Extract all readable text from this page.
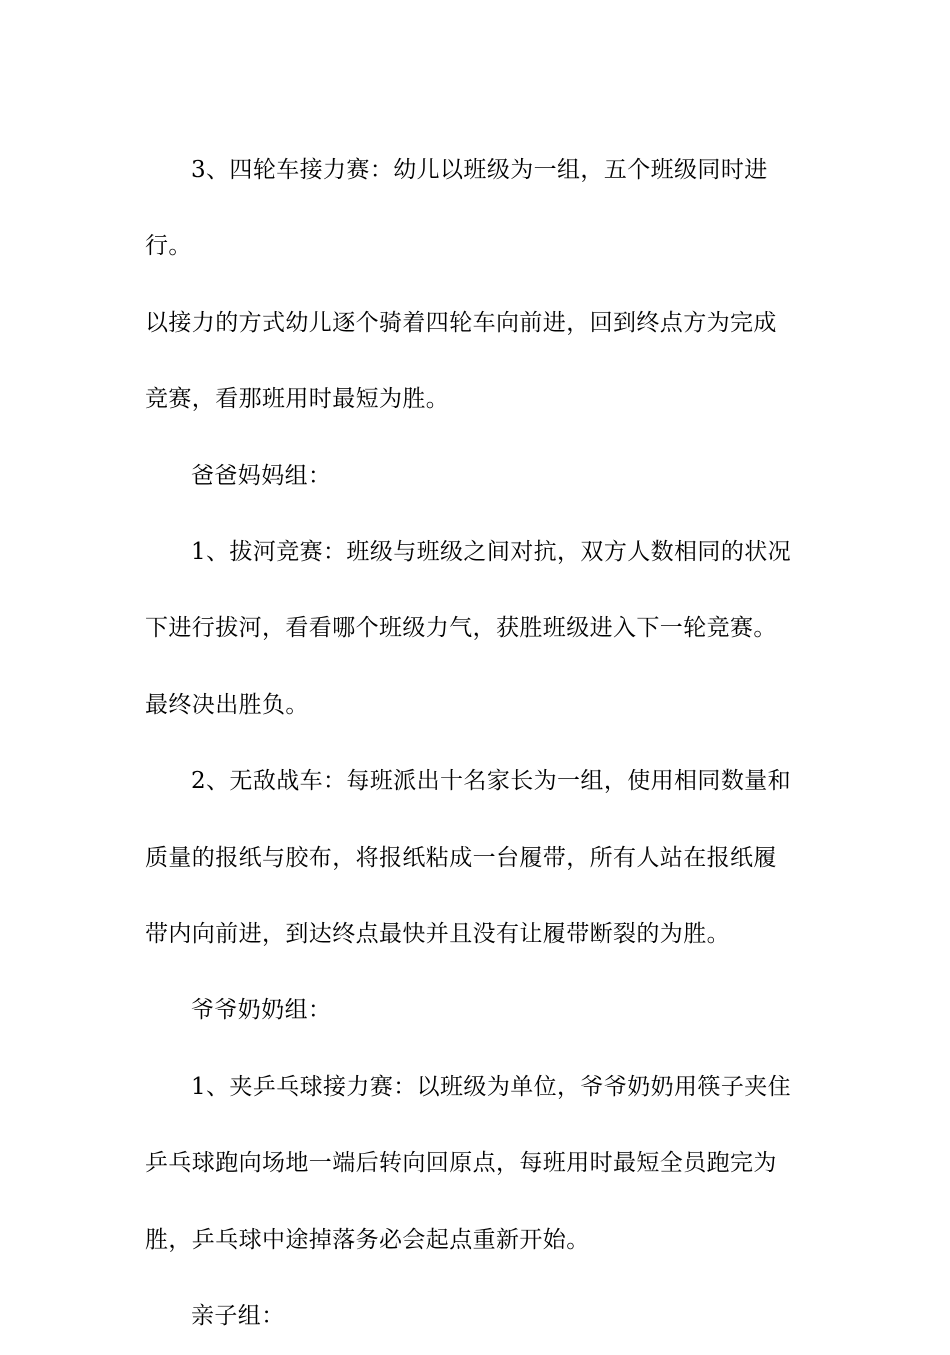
3、四轮车接力赛：幼儿以班级为一组，五个班级同时进行。
以接力的方式幼儿逐个骑着四轮车向前进，回到终点方为完成
竞赛，看那班用时最短为胜。

爸爸妈妈组：

1、拔河竞赛：班级与班级之间对抗，双方人数相同的状况
下进行拔河，看看哪个班级力气，获胜班级进入下一轮竞赛。
最终决出胜负。

2、无敌战车：每班派出十名家长为一组，使用相同数量和
质量的报纸与胶布，将报纸粘成一台履带，所有人站在报纸履
带内向前进，到达终点最快并且没有让履带断裂的为胜。

爷爷奶奶组：

1、夹乒乓球接力赛：以班级为单位，爷爷奶奶用筷子夹住
乒乓球跑向场地一端后转向回原点，每班用时最短全员跑完为
胜，乒乓球中途掉落务必会起点重新开始。

亲子组：
